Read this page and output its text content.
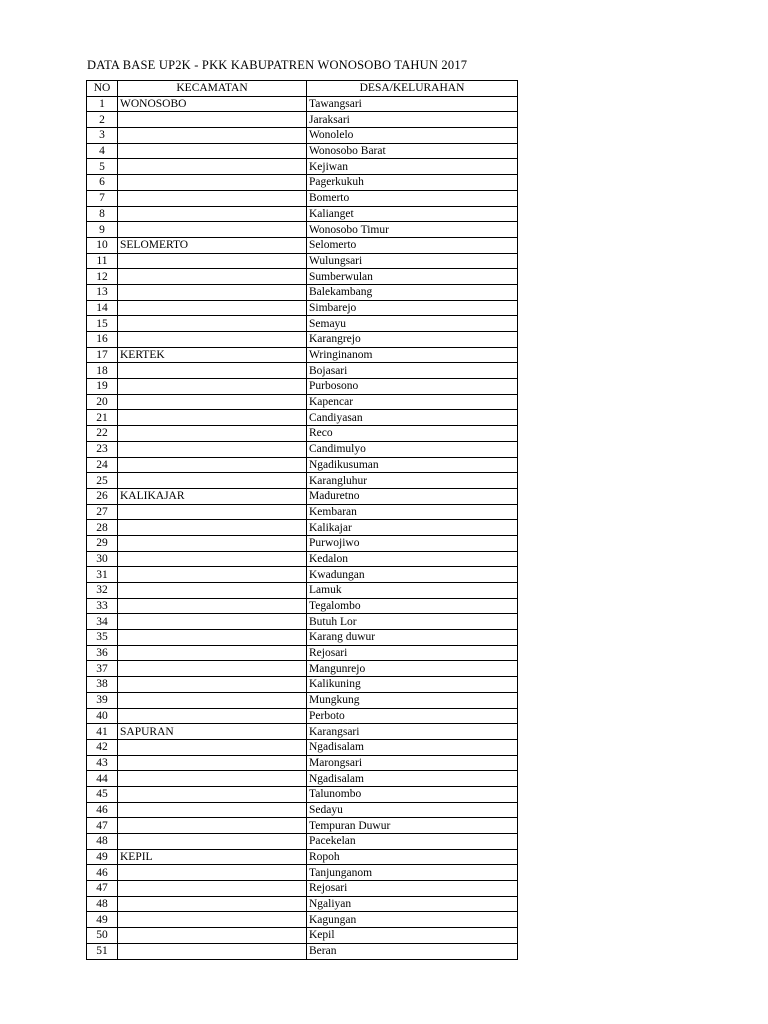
DATA BASE UP2K - PKK KABUPATREN WONOSOBO TAHUN 2017
NO	KECAMATAN	DESA/KELURAHAN
1	WONOSOBO	Tawangsari
2		Jaraksari
3		Wonolelo
4		Wonosobo Barat
5		Kejiwan
6		Pagerkukuh
7		Bomerto
8		Kalianget
9		Wonosobo Timur
10	SELOMERTO	Selomerto
11		Wulungsari
12		Sumberwulan
13		Balekambang
14		Simbarejo
15		Semayu
16		Karangrejo
17	KERTEK	Wringinanom
18		Bojasari
19		Purbosono
20		Kapencar
21		Candiyasan
22		Reco
23		Candimulyo
24		Ngadikusuman
25		Karangluhur
26	KALIKAJAR	Maduretno
27		Kembaran
28		Kalikajar
29		Purwojiwo
30		Kedalon
31		Kwadungan
32		Lamuk
33		Tegalombo
34		Butuh Lor
35		Karang duwur
36		Rejosari
37		Mangunrejo
38		Kalikuning
39		Mungkung
40		Perboto
41	SAPURAN	Karangsari
42		Ngadisalam
43		Marongsari
44		Ngadisalam
45		Talunombo
46		Sedayu
47		Tempuran Duwur
48		Pacekelan
49	KEPIL	Ropoh
46		Tanjunganom
47		Rejosari
48		Ngaliyan
49		Kagungan
50		Kepil
51		Beran
